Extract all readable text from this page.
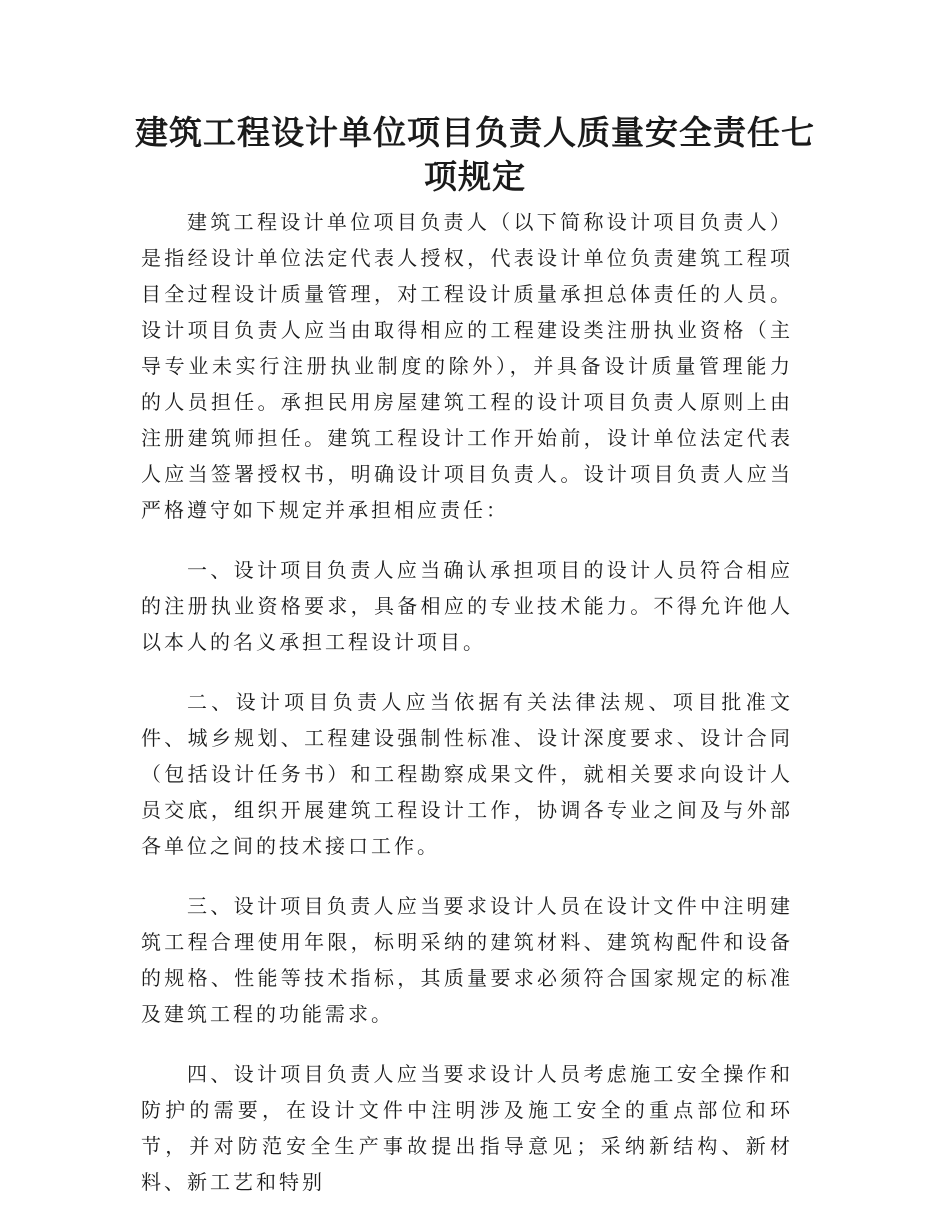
建筑工程设计单位项目负责人质量安全责任七项规定

建筑工程设计单位项目负责人（以下简称设计项目负责人）是指经设计单位法定代表人授权，代表设计单位负责建筑工程项目全过程设计质量管理，对工程设计质量承担总体责任的人员。设计项目负责人应当由取得相应的工程建设类注册执业资格（主导专业未实行注册执业制度的除外），并具备设计质量管理能力的人员担任。承担民用房屋建筑工程的设计项目负责人原则上由注册建筑师担任。建筑工程设计工作开始前，设计单位法定代表人应当签署授权书，明确设计项目负责人。设计项目负责人应当严格遵守如下规定并承担相应责任：

一、设计项目负责人应当确认承担项目的设计人员符合相应的注册执业资格要求，具备相应的专业技术能力。不得允许他人以本人的名义承担工程设计项目。

二、设计项目负责人应当依据有关法律法规、项目批准文件、城乡规划、工程建设强制性标准、设计深度要求、设计合同（包括设计任务书）和工程勘察成果文件，就相关要求向设计人员交底，组织开展建筑工程设计工作，协调各专业之间及与外部各单位之间的技术接口工作。

三、设计项目负责人应当要求设计人员在设计文件中注明建筑工程合理使用年限，标明采纳的建筑材料、建筑构配件和设备的规格、性能等技术指标，其质量要求必须符合国家规定的标准及建筑工程的功能需求。

四、设计项目负责人应当要求设计人员考虑施工安全操作和防护的需要，在设计文件中注明涉及施工安全的重点部位和环节，并对防范安全生产事故提出指导意见；采纳新结构、新材料、新工艺和特别
